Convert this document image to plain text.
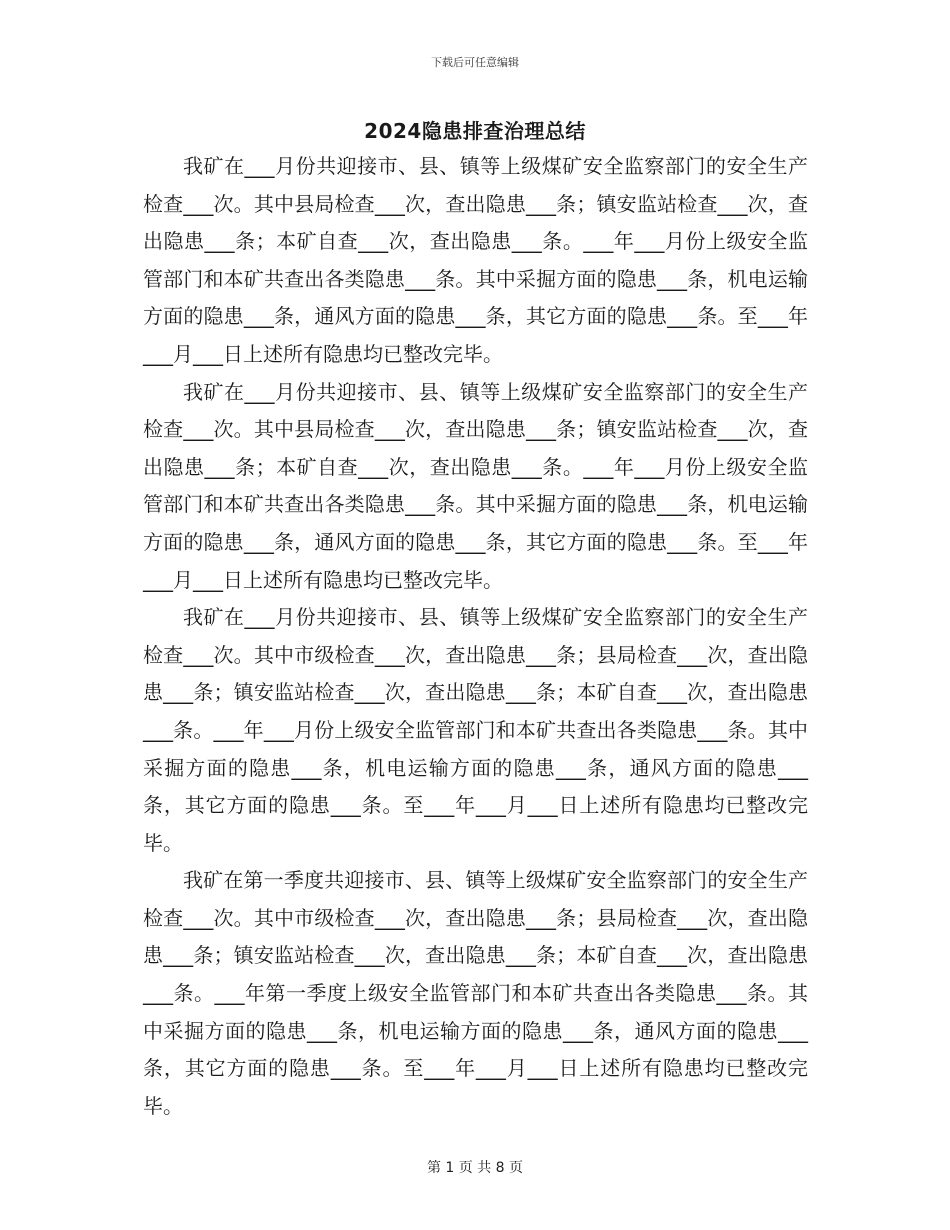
下载后可任意编辑
2024隐患排查治理总结

我矿在___月份共迎接市、县、镇等上级煤矿安全监察部门的安全生产检查___次。其中县局检查___次，查出隐患___条；镇安监站检查___次，查出隐患___条；本矿自查___次，查出隐患___条。___年___月份上级安全监管部门和本矿共查出各类隐患___条。其中采掘方面的隐患___条，机电运输方面的隐患___条，通风方面的隐患___条，其它方面的隐患___条。至___年___月___日上述所有隐患均已整改完毕。

我矿在___月份共迎接市、县、镇等上级煤矿安全监察部门的安全生产检查___次。其中县局检查___次，查出隐患___条；镇安监站检查___次，查出隐患___条；本矿自查___次，查出隐患___条。___年___月份上级安全监管部门和本矿共查出各类隐患___条。其中采掘方面的隐患___条，机电运输方面的隐患___条，通风方面的隐患___条，其它方面的隐患___条。至___年___月___日上述所有隐患均已整改完毕。

我矿在___月份共迎接市、县、镇等上级煤矿安全监察部门的安全生产检查___次。其中市级检查___次，查出隐患___条；县局检查___次，查出隐患___条；镇安监站检查___次，查出隐患___条；本矿自查___次，查出隐患___条。___年___月份上级安全监管部门和本矿共查出各类隐患___条。其中采掘方面的隐患___条，机电运输方面的隐患___条，通风方面的隐患___条，其它方面的隐患___条。至___年___月___日上述所有隐患均已整改完毕。

我矿在第一季度共迎接市、县、镇等上级煤矿安全监察部门的安全生产检查___次。其中市级检查___次，查出隐患___条；县局检查___次，查出隐患___条；镇安监站检查___次，查出隐患___条；本矿自查___次，查出隐患___条。___年第一季度上级安全监管部门和本矿共查出各类隐患___条。其中采掘方面的隐患___条，机电运输方面的隐患___条，通风方面的隐患___条，其它方面的隐患___条。至___年___月___日上述所有隐患均已整改完毕。

第 1 页 共 8 页
